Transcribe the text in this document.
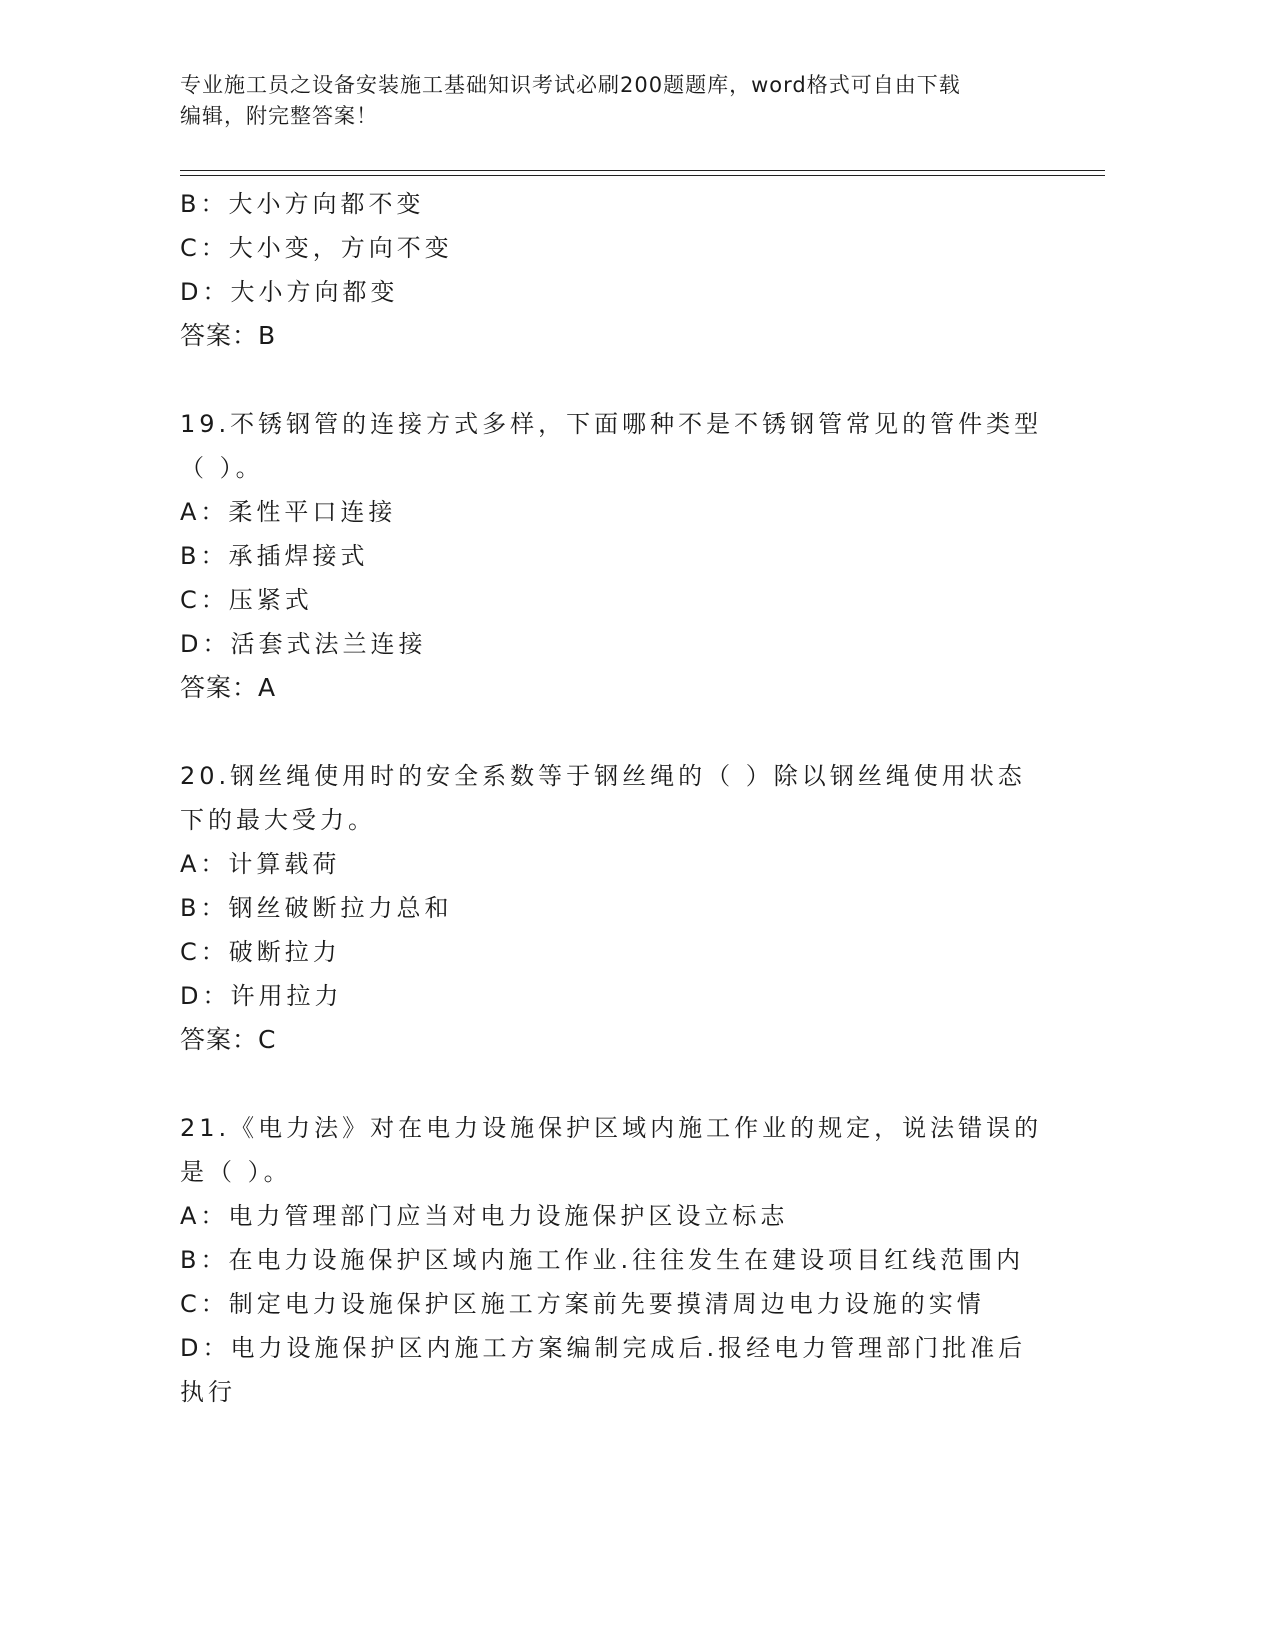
专业施工员之设备安装施工基础知识考试必刷200题题库，word格式可自由下载
编辑，附完整答案！
B：大小方向都不变
C：大小变，方向不变
D：大小方向都变
答案：B
19.不锈钢管的连接方式多样，下面哪种不是不锈钢管常见的管件类型
（ ）。
A：柔性平口连接
B：承插焊接式
C：压紧式
D：活套式法兰连接
答案：A
20.钢丝绳使用时的安全系数等于钢丝绳的（ ）除以钢丝绳使用状态
下的最大受力。
A：计算载荷
B：钢丝破断拉力总和
C：破断拉力
D：许用拉力
答案：C
21.《电力法》对在电力设施保护区域内施工作业的规定，说法错误的
是（ ）。
A：电力管理部门应当对电力设施保护区设立标志
B：在电力设施保护区域内施工作业.往往发生在建设项目红线范围内
C：制定电力设施保护区施工方案前先要摸清周边电力设施的实情
D：电力设施保护区内施工方案编制完成后.报经电力管理部门批准后
执行
